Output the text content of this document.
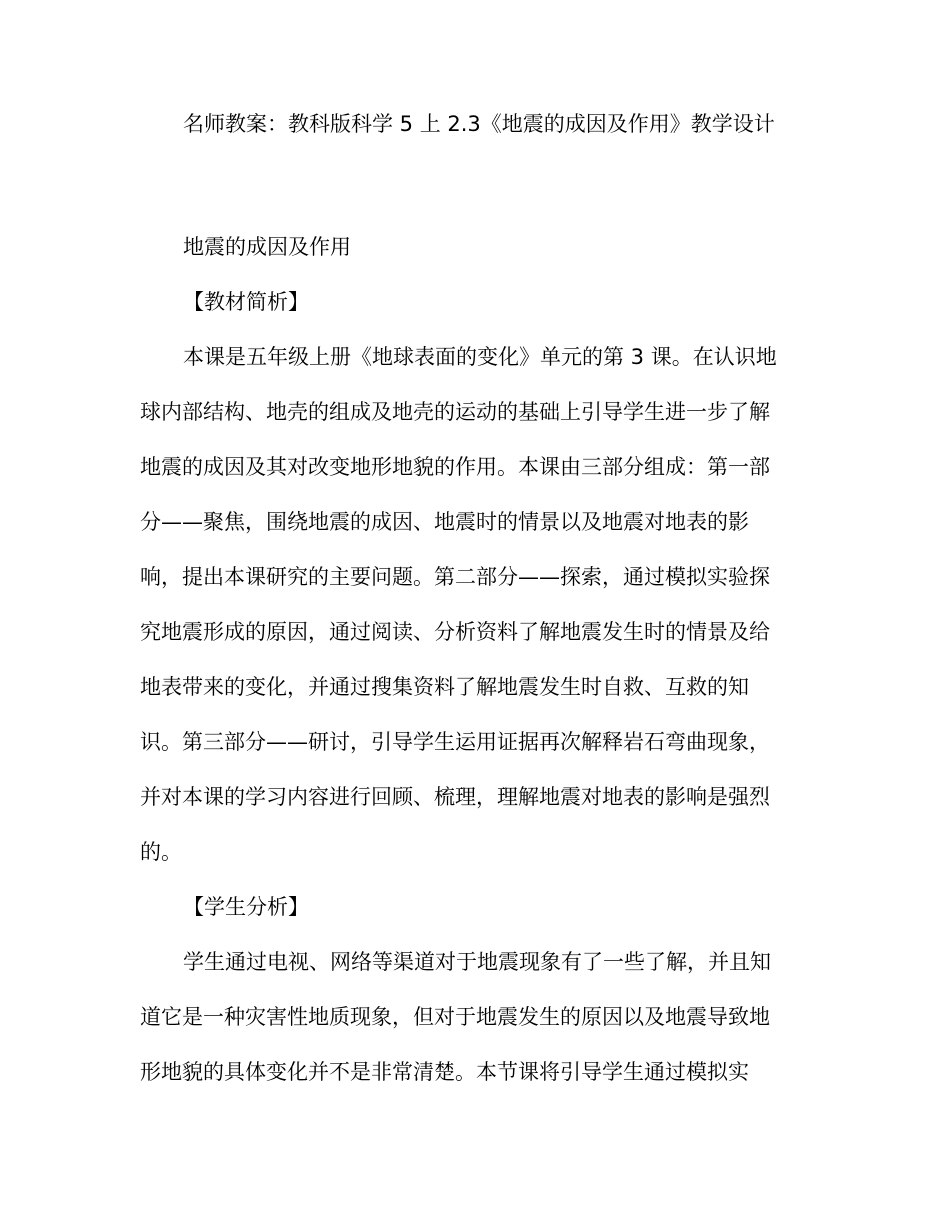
名师教案：教科版科学 5 上 2.3《地震的成因及作用》教学设计

地震的成因及作用

【教材简析】

本课是五年级上册《地球表面的变化》单元的第 3 课。在认识地

球内部结构、地壳的组成及地壳的运动的基础上引导学生进一步了解

地震的成因及其对改变地形地貌的作用。本课由三部分组成：第一部

分——聚焦，围绕地震的成因、地震时的情景以及地震对地表的影

响，提出本课研究的主要问题。第二部分——探索，通过模拟实验探

究地震形成的原因，通过阅读、分析资料了解地震发生时的情景及给

地表带来的变化，并通过搜集资料了解地震发生时自救、互救的知

识。第三部分——研讨，引导学生运用证据再次解释岩石弯曲现象，

并对本课的学习内容进行回顾、梳理，理解地震对地表的影响是强烈

的。

【学生分析】

学生通过电视、网络等渠道对于地震现象有了一些了解，并且知

道它是一种灾害性地质现象，但对于地震发生的原因以及地震导致地

形地貌的具体变化并不是非常清楚。本节课将引导学生通过模拟实
